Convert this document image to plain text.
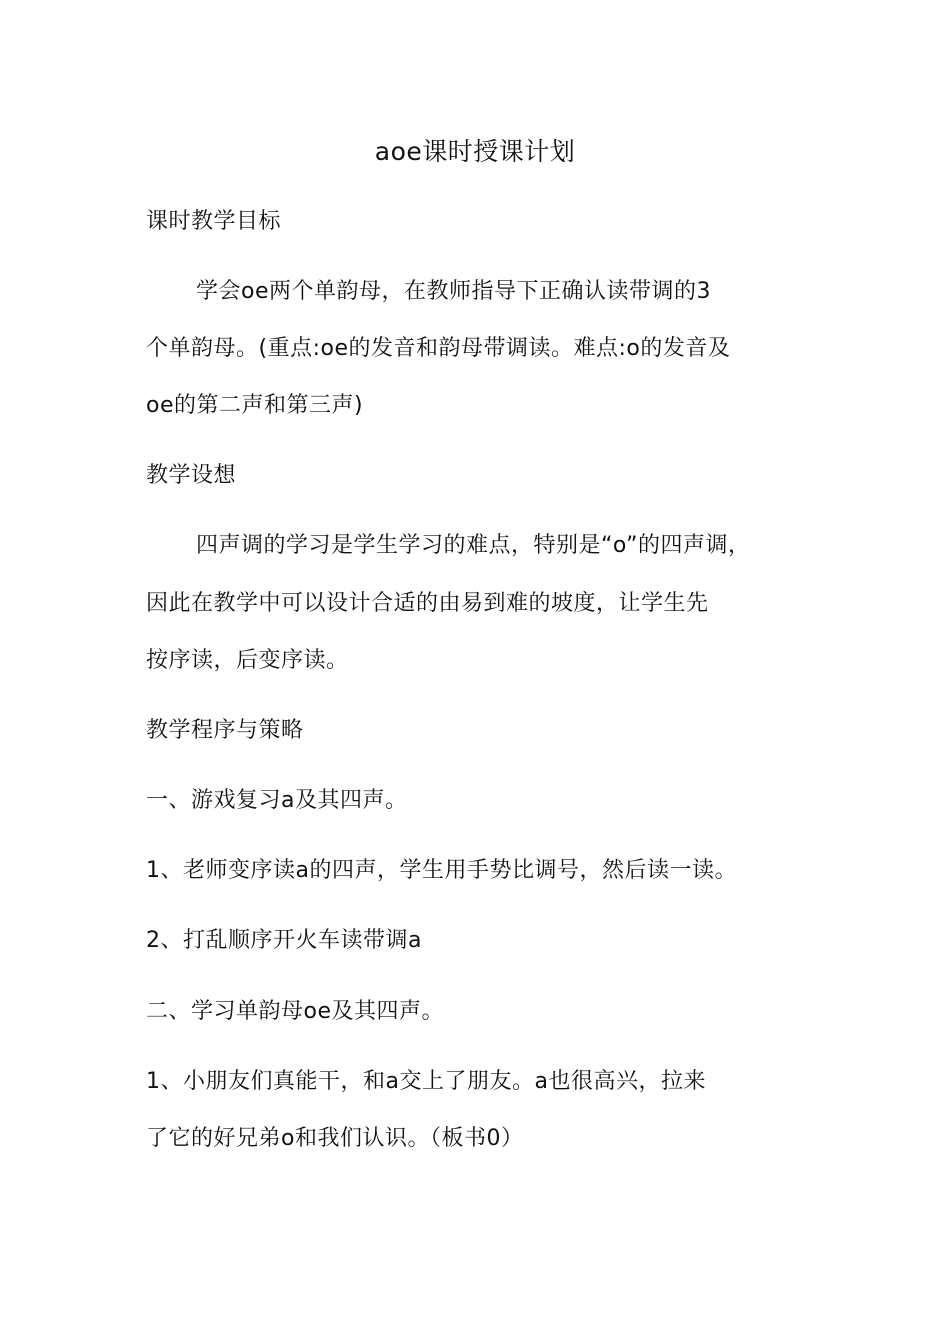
aoe课时授课计划
课时教学目标
学会oe两个单韵母，在教师指导下正确认读带调的3
个单韵母。(重点:oe的发音和韵母带调读。难点:o的发音及
oe的第二声和第三声)
教学设想
四声调的学习是学生学习的难点，特别是“o”的四声调，
因此在教学中可以设计合适的由易到难的坡度，让学生先
按序读，后变序读。
教学程序与策略
一、游戏复习a及其四声。
1、老师变序读a的四声，学生用手势比调号，然后读一读。
2、打乱顺序开火车读带调a
二、学习单韵母oe及其四声。
1、小朋友们真能干，和a交上了朋友。a也很高兴，拉来
了它的好兄弟o和我们认识。（板书0）
